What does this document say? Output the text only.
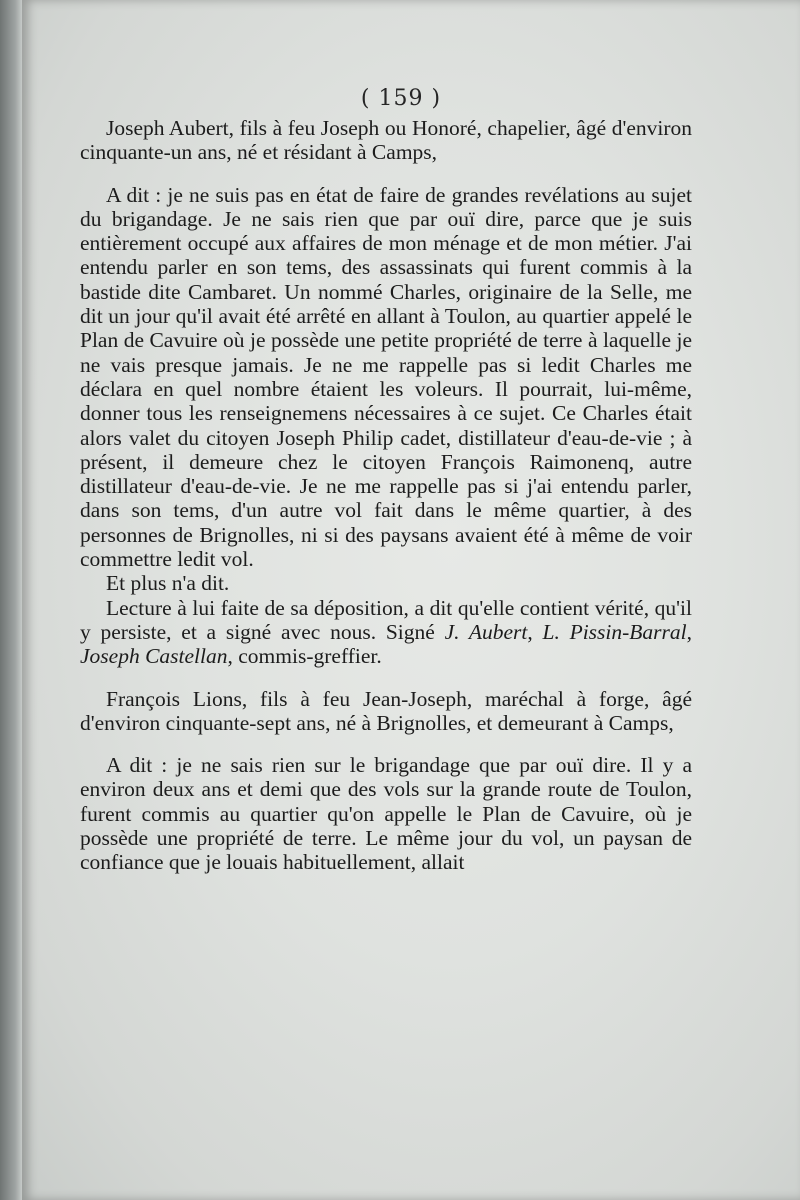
( 159 )

Joseph Aubert, fils à feu Joseph ou Honoré, chapelier, âgé d'environ cinquante-un ans, né et résidant à Camps,

A dit : je ne suis pas en état de faire de grandes revélations au sujet du brigandage. Je ne sais rien que par ouï dire, parce que je suis entièrement occupé aux affaires de mon ménage et de mon métier. J'ai entendu parler en son tems, des assassinats qui furent commis à la bastide dite Cambaret. Un nommé Charles, originaire de la Selle, me dit un jour qu'il avait été arrêté en allant à Toulon, au quartier appelé le Plan de Cavuire où je possède une petite propriété de terre à laquelle je ne vais presque jamais. Je ne me rappelle pas si ledit Charles me déclara en quel nombre étaient les voleurs. Il pourrait, lui-même, donner tous les renseignemens nécessaires à ce sujet. Ce Charles était alors valet du citoyen Joseph Philip cadet, distillateur d'eau-de-vie ; à présent, il demeure chez le citoyen François Raimonenq, autre distillateur d'eau-de-vie. Je ne me rappelle pas si j'ai entendu parler, dans son tems, d'un autre vol fait dans le même quartier, à des personnes de Brignolles, ni si des paysans avaient été à même de voir commettre ledit vol.

Et plus n'a dit.

Lecture à lui faite de sa déposition, a dit qu'elle contient vérité, qu'il y persiste, et a signé avec nous. Signé J. Aubert, L. Pissin-Barral, Joseph Castellan, commis-greffier.

François Lions, fils à feu Jean-Joseph, maréchal à forge, âgé d'environ cinquante-sept ans, né à Brignolles, et demeurant à Camps,

A dit : je ne sais rien sur le brigandage que par ouï dire. Il y a environ deux ans et demi que des vols sur la grande route de Toulon, furent commis au quartier qu'on appelle le Plan de Cavuire, où je possède une propriété de terre. Le même jour du vol, un paysan de confiance que je louais habituellement, allait
